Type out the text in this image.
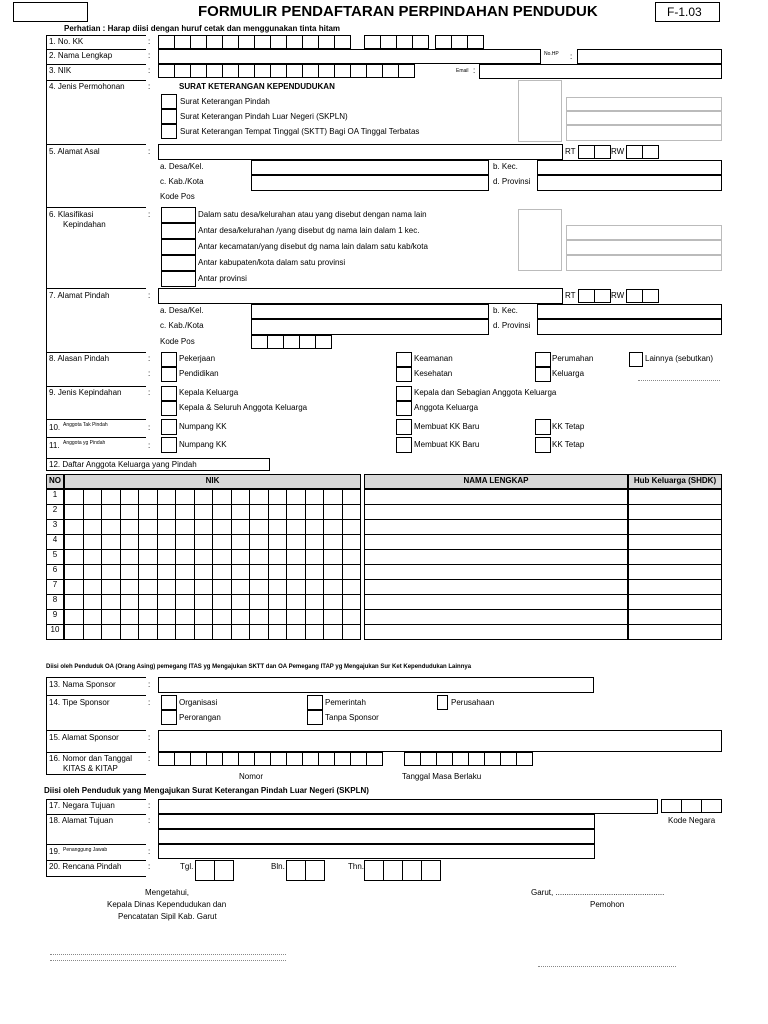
FORMULIR PENDAFTARAN PERPINDAHAN PENDUDUK	F-1.03
Perhatian : Harap diisi dengan huruf cetak dan menggunakan tinta hitam
1. No. KK	:
2. Nama Lengkap	:	No.HP :
3. NIK	:	Email :
4. Jenis Permohonan	:	SURAT KETERANGAN KEPENDUDUKAN
Surat Keterangan Pindah
Surat Keterangan Pindah Luar Negeri (SKPLN)
Surat Keterangan Tempat Tinggal (SKTT) Bagi OA Tinggal Terbatas
5. Alamat Asal	:	RT	RW
a. Desa/Kel.	b. Kec.
c. Kab./Kota	d. Provinsi
Kode Pos
6. Klasifikasi
Kepindahan
:	Dalam satu desa/kelurahan atau yang disebut dengan nama lain
Antar desa/kelurahan /yang disebut dg nama lain dalam 1 kec.
Antar kecamatan/yang disebut dg nama lain dalam satu kab/kota
Antar kabupaten/kota dalam satu provinsi
Antar provinsi
7. Alamat Pindah	:	RT	RW
a. Desa/Kel.	b. Kec.
c. Kab./Kota	d. Provinsi
Kode Pos
8. Alasan Pindah	:
:
Pekerjaan
Pendidikan
Keamanan
Kesehatan
Perumahan
Keluarga
Lainnya (sebutkan)
9. Jenis Kepindahan	:	Kepala Keluarga
Kepala & Seluruh Anggota Keluarga
Kepala dan Sebagian Anggota Keluarga
Anggota Keluarga
10. Anggota Tak Pindah	:	Numpang KK	Membuat KK Baru	KK Tetap
11. Anggota yg Pindah	:	Numpang KK	Membuat KK Baru	KK Tetap
12. Daftar Anggota Keluarga yang Pindah
NO	NIK	NAMA LENGKAP	Hub Keluarga (SHDK)
1
2
3
4
5
6
7
8
9
10

Diisi oleh Penduduk OA (Orang Asing) pemegang ITAS yg Mengajukan SKTT dan OA Pemegang ITAP yg Mengajukan Sur Ket Kependudukan Lainnya
13. Nama Sponsor	:
14. Tipe Sponsor	:	Organisasi
Perorangan
Pemerintah
Tanpa Sponsor
Perusahaan
15. Alamat Sponsor	:
16. Nomor dan Tanggal
KITAS & KITAP
:
Nomor	Tanggal Masa Berlaku
Diisi oleh Penduduk yang Mengajukan Surat Keterangan Pindah Luar Negeri (SKPLN)
17. Negara Tujuan	:
18. Alamat Tujuan	:	Kode Negara
19. Penanggung Jawab	:
20. Rencana Pindah	:	Tgl.	Bln.	Thn.
Mengetahui,
Kepala Dinas Kependudukan dan
Pencatatan Sipil Kab. Garut
Garut, .................................................
Pemohon
